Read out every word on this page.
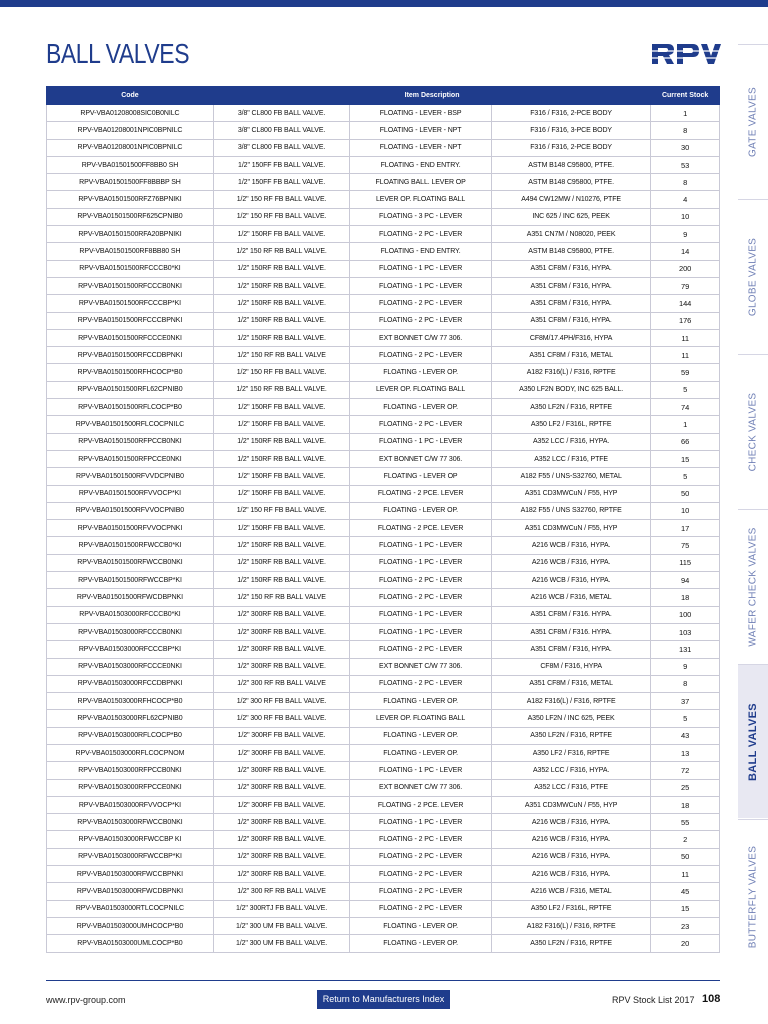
BALL VALVES
Code	Item Description			Current Stock
RPV-VBA01208008SIC0B0NILC	3/8" CL800 FB BALL VALVE.	FLOATING - LEVER - BSP	F316 / F316, 2-PCE BODY	1
RPV-VBA01208001NPIC0BPNILC	3/8" CL800 FB BALL VALVE.	FLOATING - LEVER - NPT	F316 / F316, 3-PCE BODY	8
RPV-VBA01208001NPIC0BPNILC	3/8" CL800 FB BALL VALVE.	FLOATING - LEVER - NPT	F316 / F316, 2-PCE BODY	30
RPV-VBA01501500FF8BB0 SH	1/2" 150FF FB BALL VALVE.	FLOATING - END ENTRY.	ASTM B148 C95800, PTFE.	53
RPV-VBA01501500FF8BBBP SH	1/2" 150FF FB BALL VALVE.	FLOATING BALL. LEVER OP	ASTM B148 C95800, PTFE.	8
RPV-VBA01501500RFZ76BPNIKI	1/2" 150 RF FB BALL VALVE.	LEVER OP. FLOATING BALL	A494 CW12MW / N10276, PTFE	4
RPV-VBA01501500RF625CPNIB0	1/2" 150 RF FB BALL VALVE.	FLOATING - 3 PC - LEVER	INC 625 / INC 625, PEEK	10
RPV-VBA01501500RFA20BPNIKI	1/2" 150RF FB BALL VALVE.	FLOATING - 2 PC - LEVER	A351 CN7M / N08020, PEEK	9
RPV-VBA01501500RF8BB80 SH	1/2" 150 RF RB BALL VALVE.	FLOATING - END ENTRY.	ASTM B148 C95800, PTFE.	14
RPV-VBA01501500RFCCCB0*KI	1/2" 150RF RB BALL VALVE.	FLOATING - 1 PC - LEVER	A351 CF8M / F316, HYPA.	200
RPV-VBA01501500RFCCCB0NKI	1/2" 150RF RB BALL VALVE.	FLOATING - 1 PC - LEVER	A351 CF8M / F316, HYPA.	79
RPV-VBA01501500RFCCCBP*KI	1/2" 150RF RB BALL VALVE.	FLOATING - 2 PC - LEVER	A351 CF8M / F316, HYPA.	144
RPV-VBA01501500RFCCCBPNKI	1/2" 150RF RB BALL VALVE.	FLOATING - 2 PC - LEVER	A351 CF8M / F316, HYPA.	176
RPV-VBA01501500RFCCCE0NKI	1/2" 150RF RB BALL VALVE.	EXT BONNET C/W 77 306.	CF8M/17.4PH/F316, HYPA	11
RPV-VBA01501500RFCCDBPNKI	1/2" 150 RF RB BALL VALVE	FLOATING - 2 PC - LEVER	A351 CF8M / F316, METAL	11
RPV-VBA01501500RFHCOCP*B0	1/2" 150 RF FB BALL VALVE.	FLOATING - LEVER OP.	A182 F316(L) / F316, RPTFE	59
RPV-VBA01501500RFL62CPNIB0	1/2" 150 RF RB BALL VALVE.	LEVER OP. FLOATING BALL	A350 LF2N BODY, INC 625 BALL.	5
RPV-VBA01501500RFLCOCP*B0	1/2" 150RF FB BALL VALVE.	FLOATING - LEVER OP.	A350 LF2N / F316, RPTFE	74
RPV-VBA01501500RFLCOCPNILC	1/2" 150RF FB BALL VALVE.	FLOATING - 2 PC - LEVER	A350 LF2 / F316L, RPTFE	1
RPV-VBA01501500RFPCCB0NKI	1/2" 150RF RB BALL VALVE.	FLOATING - 1 PC - LEVER	A352 LCC / F316, HYPA.	66
RPV-VBA01501500RFPCCE0NKI	1/2" 150RF RB BALL VALVE.	EXT BONNET C/W 77 306.	A352 LCC / F316, PTFE	15
RPV-VBA01501500RFVVDCPNIB0	1/2" 150RF FB BALL VALVE.	FLOATING - LEVER OP	A182 F55 / UNS-S32760, METAL	5
RPV-VBA01501500RFVVOCP*KI	1/2" 150RF FB BALL VALVE.	FLOATING - 2 PCE. LEVER	A351 CD3MWCuN / F55, HYP	50
RPV-VBA01501500RFVVOCPNIB0	1/2" 150 RF FB BALL VALVE.	FLOATING - LEVER OP.	A182 F55 / UNS S32760, RPTFE	10
RPV-VBA01501500RFVVOCPNKI	1/2" 150RF FB BALL VALVE.	FLOATING - 2 PCE. LEVER	A351 CD3MWCuN / F55, HYP	17
RPV-VBA01501500RFWCCB0*KI	1/2" 150RF RB BALL VALVE.	FLOATING - 1 PC - LEVER	A216 WCB / F316, HYPA.	75
RPV-VBA01501500RFWCCB0NKI	1/2" 150RF RB BALL VALVE.	FLOATING - 1 PC - LEVER	A216 WCB / F316, HYPA.	115
RPV-VBA01501500RFWCCBP*KI	1/2" 150RF RB BALL VALVE.	FLOATING - 2 PC - LEVER	A216 WCB / F316, HYPA.	94
RPV-VBA01501500RFWCDBPNKI	1/2" 150 RF RB BALL VALVE	FLOATING - 2 PC - LEVER	A216 WCB / F316, METAL	18
RPV-VBA01503000RFCCCB0*KI	1/2" 300RF RB BALL VALVE.	FLOATING - 1 PC - LEVER	A351 CF8M / F316. HYPA.	100
RPV-VBA01503000RFCCCB0NKI	1/2" 300RF RB BALL VALVE.	FLOATING - 1 PC - LEVER	A351 CF8M / F316. HYPA.	103
RPV-VBA01503000RFCCCBP*KI	1/2" 300RF RB BALL VALVE.	FLOATING - 2 PC - LEVER	A351 CF8M / F316, HYPA.	131
RPV-VBA01503000RFCCCE0NKI	1/2" 300RF RB BALL VALVE.	EXT BONNET C/W 77 306.	CF8M / F316, HYPA	9
RPV-VBA01503000RFCCDBPNKI	1/2" 300 RF RB BALL VALVE	FLOATING - 2 PC - LEVER	A351 CF8M / F316, METAL	8
RPV-VBA01503000RFHCOCP*B0	1/2" 300 RF FB BALL VALVE.	FLOATING - LEVER OP.	A182 F316(L) / F316, RPTFE	37
RPV-VBA01503000RFL62CPNIB0	1/2" 300 RF FB BALL VALVE.	LEVER OP. FLOATING BALL	A350 LF2N / INC 625, PEEK	5
RPV-VBA01503000RFLCOCP*B0	1/2" 300RF FB BALL VALVE.	FLOATING - LEVER OP.	A350 LF2N / F316, RPTFE	43
RPV-VBA01503000RFLCOCPNOM	1/2" 300RF FB BALL VALVE.	FLOATING - LEVER OP.	A350 LF2 / F316, RPTFE	13
RPV-VBA01503000RFPCCB0NKI	1/2" 300RF RB BALL VALVE.	FLOATING - 1 PC - LEVER	A352 LCC / F316, HYPA.	72
RPV-VBA01503000RFPCCE0NKI	1/2" 300RF RB BALL VALVE.	EXT BONNET C/W 77 306.	A352 LCC / F316, PTFE	25
RPV-VBA01503000RFVVOCP*KI	1/2" 300RF FB BALL VALVE.	FLOATING - 2 PCE. LEVER	A351 CD3MWCuN / F55, HYP	18
RPV-VBA01503000RFWCCB0NKI	1/2" 300RF RB BALL VALVE.	FLOATING - 1 PC - LEVER	A216 WCB / F316, HYPA.	55
RPV-VBA01503000RFWCCBP KI	1/2" 300RF RB BALL VALVE.	FLOATING - 2 PC - LEVER	A216 WCB / F316, HYPA.	2
RPV-VBA01503000RFWCCBP*KI	1/2" 300RF RB BALL VALVE.	FLOATING - 2 PC - LEVER	A216 WCB / F316, HYPA.	50
RPV-VBA01503000RFWCCBPNKI	1/2" 300RF RB BALL VALVE.	FLOATING - 2 PC - LEVER	A216 WCB / F316, HYPA.	11
RPV-VBA01503000RFWCDBPNKI	1/2" 300 RF RB BALL VALVE	FLOATING - 2 PC - LEVER	A216 WCB / F316, METAL	45
RPV-VBA01503000RTLCOCPNILC	1/2" 300RTJ FB BALL VALVE.	FLOATING - 2 PC - LEVER	A350 LF2 / F316L, RPTFE	15
RPV-VBA01503000UMHCOCP*B0	1/2" 300 UM FB BALL VALVE.	FLOATING - LEVER OP.	A182 F316(L) / F316, RPTFE	23
RPV-VBA01503000UMLCOCP*B0	1/2" 300 UM FB BALL VALVE.	FLOATING - LEVER OP.	A350 LF2N / F316, RPTFE	20
GATE VALVES
GLOBE VALVES
CHECK VALVES
WAFER CHECK VALVES
BALL VALVES
BUTTERFLY VALVES
www.rpv-group.com	Return to Manufacturers Index	RPV Stock List 2017 108
